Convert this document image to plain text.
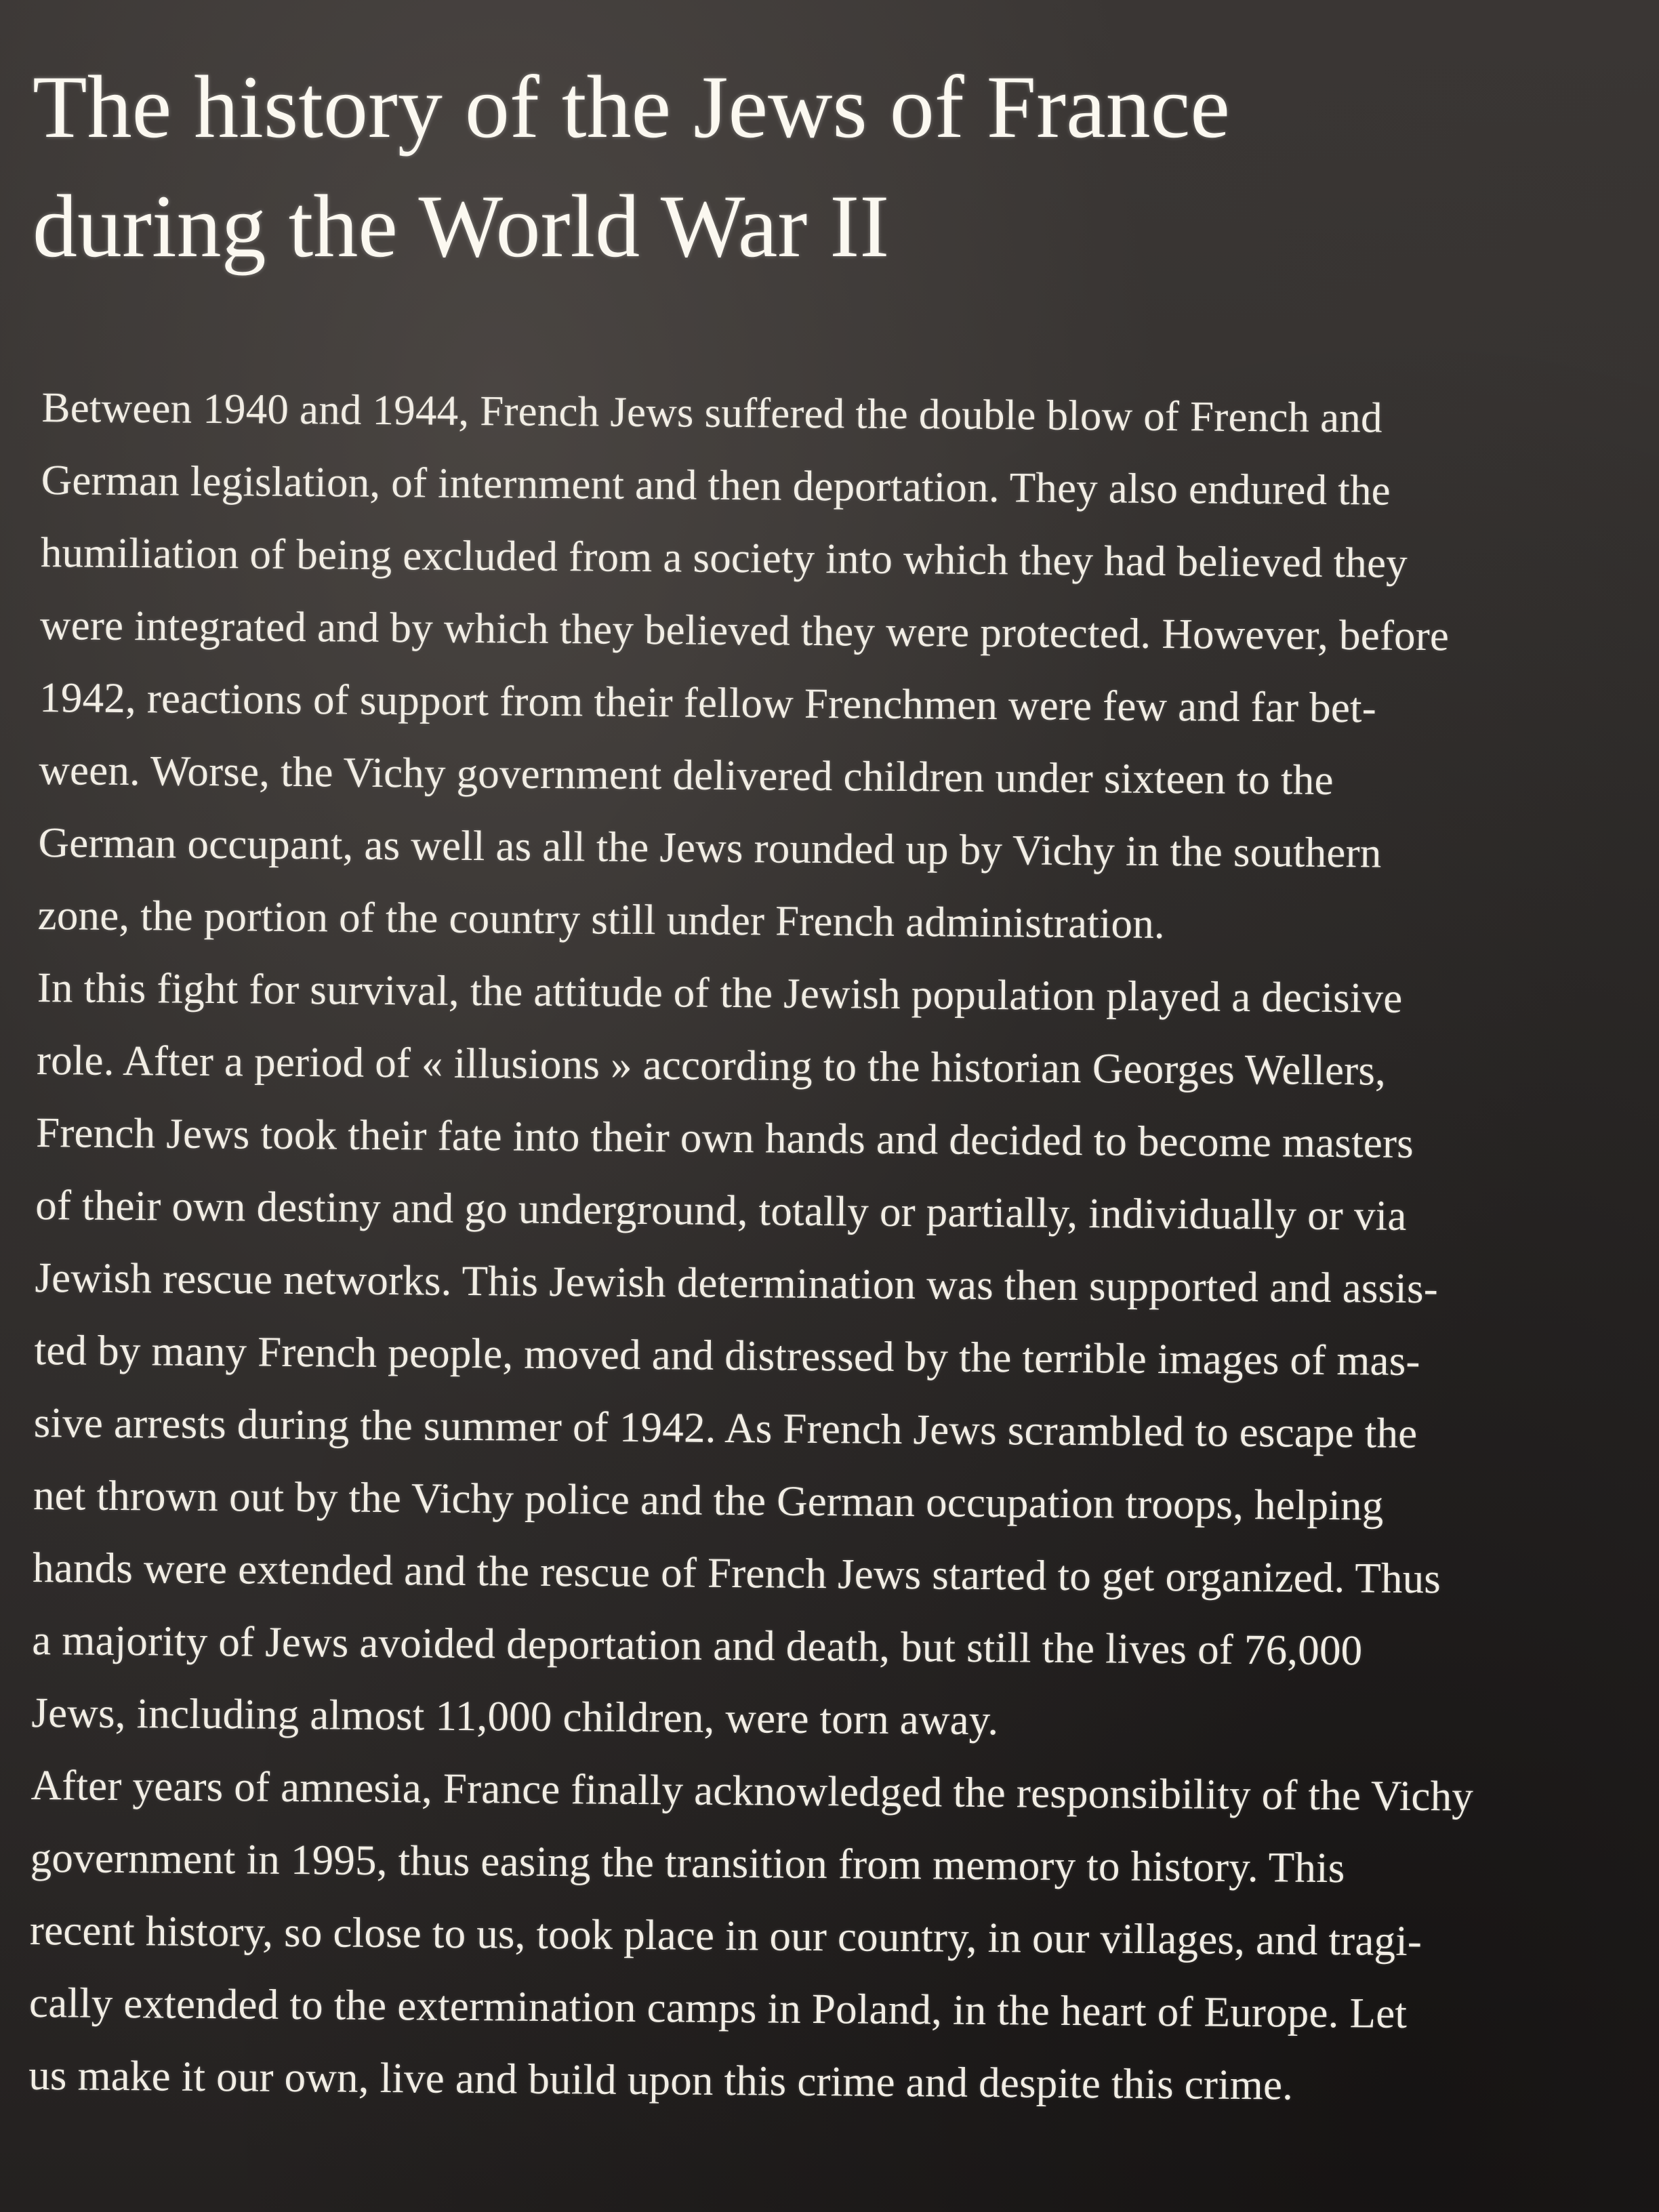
The history of the Jews of France
during the World War II
Between 1940 and 1944, French Jews suffered the double blow of French and
German legislation, of internment and then deportation. They also endured the
humiliation of being excluded from a society into which they had believed they
were integrated and by which they believed they were protected. However, before
1942, reactions of support from their fellow Frenchmen were few and far bet-
ween. Worse, the Vichy government delivered children under sixteen to the
German occupant, as well as all the Jews rounded up by Vichy in the southern
zone, the portion of the country still under French administration.
In this fight for survival, the attitude of the Jewish population played a decisive
role. After a period of « illusions » according to the historian Georges Wellers,
French Jews took their fate into their own hands and decided to become masters
of their own destiny and go underground, totally or partially, individually or via
Jewish rescue networks. This Jewish determination was then supported and assis-
ted by many French people, moved and distressed by the terrible images of mas-
sive arrests during the summer of 1942. As French Jews scrambled to escape the
net thrown out by the Vichy police and the German occupation troops, helping
hands were extended and the rescue of French Jews started to get organized. Thus
a majority of Jews avoided deportation and death, but still the lives of 76,000
Jews, including almost 11,000 children, were torn away.
After years of amnesia, France finally acknowledged the responsibility of the Vichy
government in 1995, thus easing the transition from memory to history. This
recent history, so close to us, took place in our country, in our villages, and tragi-
cally extended to the extermination camps in Poland, in the heart of Europe. Let
us make it our own, live and build upon this crime and despite this crime.
